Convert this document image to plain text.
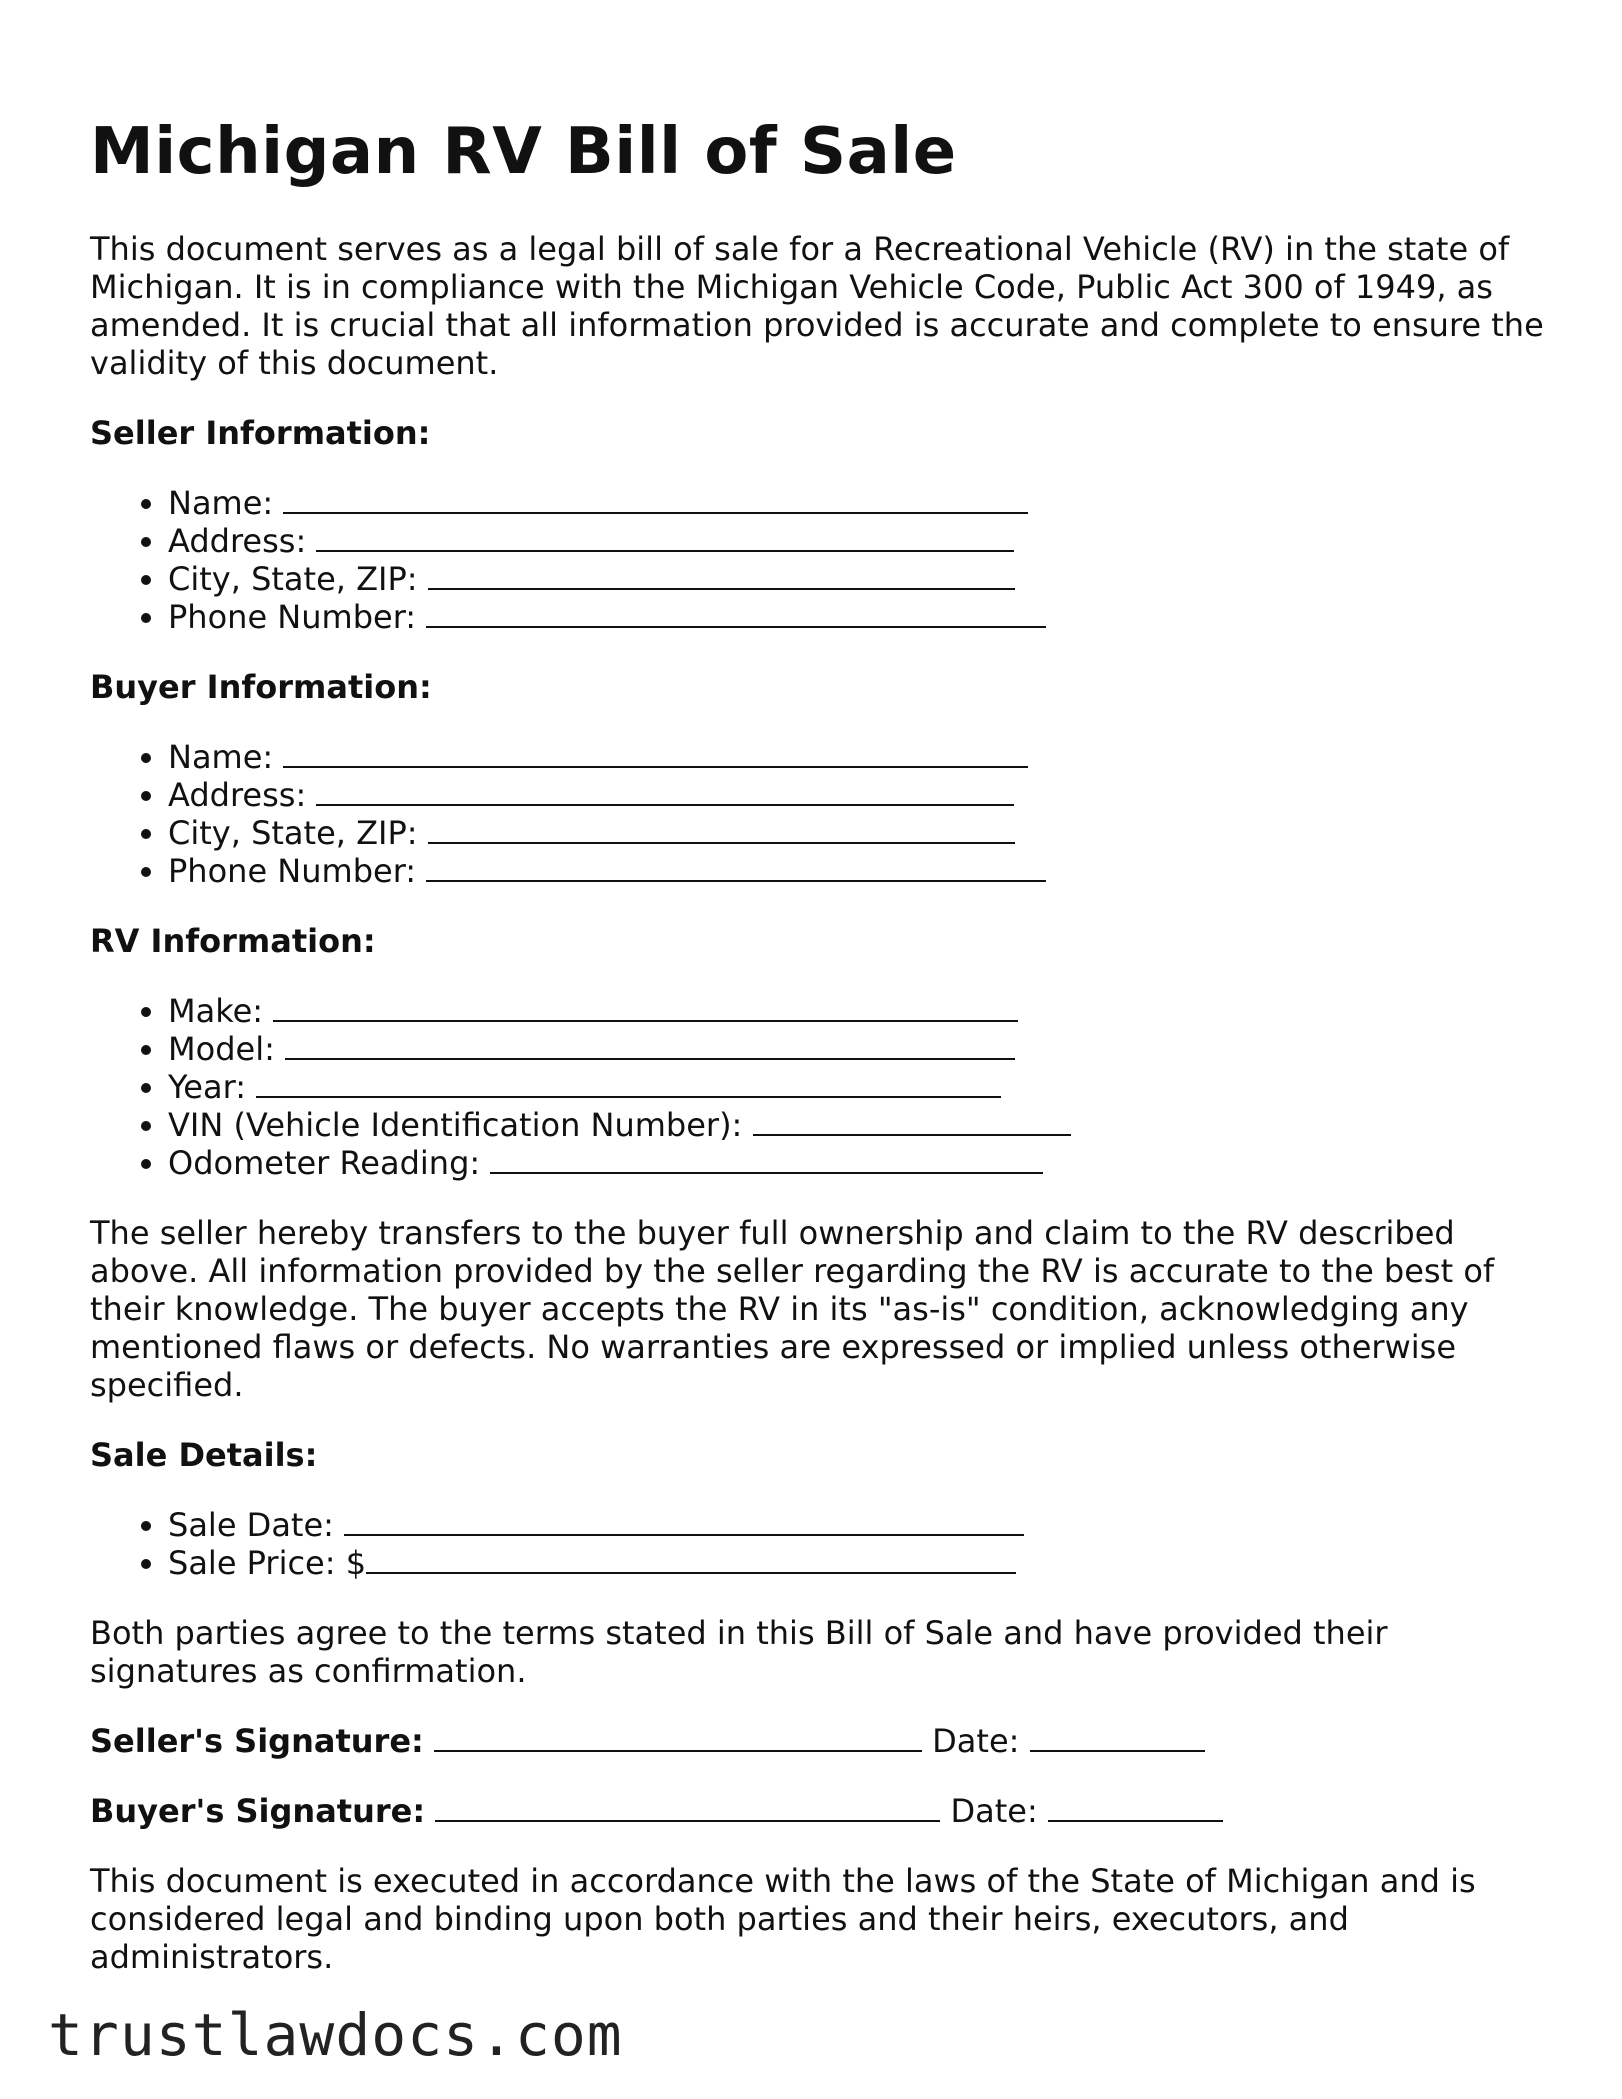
Michigan RV Bill of Sale

This document serves as a legal bill of sale for a Recreational Vehicle (RV) in the state of Michigan. It is in compliance with the Michigan Vehicle Code, Public Act 300 of 1949, as amended. It is crucial that all information provided is accurate and complete to ensure the validity of this document.

Seller Information:
• Name:
• Address:
• City, State, ZIP:
• Phone Number:
Buyer Information:
• Name:
• Address:
• City, State, ZIP:
• Phone Number:
RV Information:
• Make:
• Model:
• Year:
• VIN (Vehicle Identification Number):
• Odometer Reading:

The seller hereby transfers to the buyer full ownership and claim to the RV described above. All information provided by the seller regarding the RV is accurate to the best of their knowledge. The buyer accepts the RV in its "as-is" condition, acknowledging any mentioned flaws or defects. No warranties are expressed or implied unless otherwise specified.

Sale Details:
• Sale Date:
• Sale Price: $

Both parties agree to the terms stated in this Bill of Sale and have provided their signatures as confirmation.

Seller's Signature:	Date:
Buyer's Signature:	Date:

This document is executed in accordance with the laws of the State of Michigan and is considered legal and binding upon both parties and their heirs, executors, and administrators.

trustlawdocs.com
